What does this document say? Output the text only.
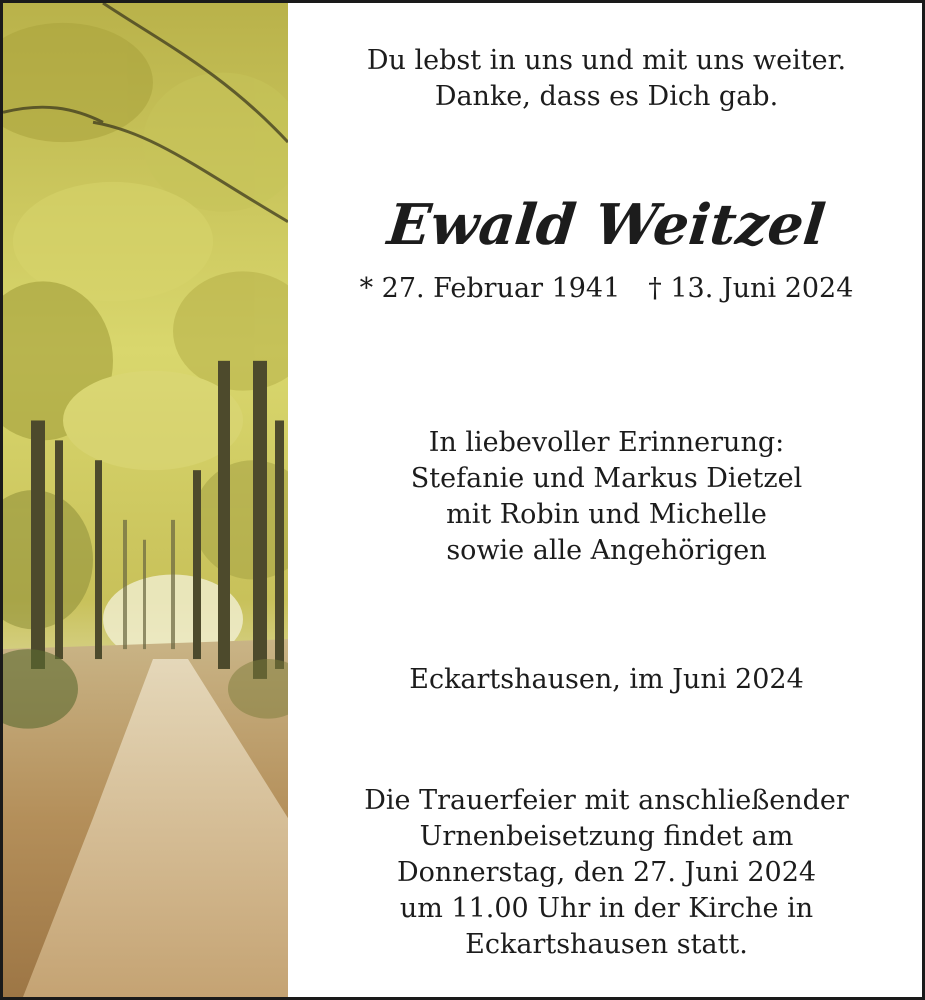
Du lebst in uns und mit uns weiter.
Danke, dass es Dich gab.
Ewald Weitzel
* 27. Februar 1941 † 13. Juni 2024
In liebevoller Erinnerung:
Stefanie und Markus Dietzel
mit Robin und Michelle
sowie alle Angehörigen
Eckartshausen, im Juni 2024
Die Trauerfeier mit anschließender
Urnenbeisetzung findet am
Donnerstag, den 27. Juni 2024
um 11.00 Uhr in der Kirche in
Eckartshausen statt.
